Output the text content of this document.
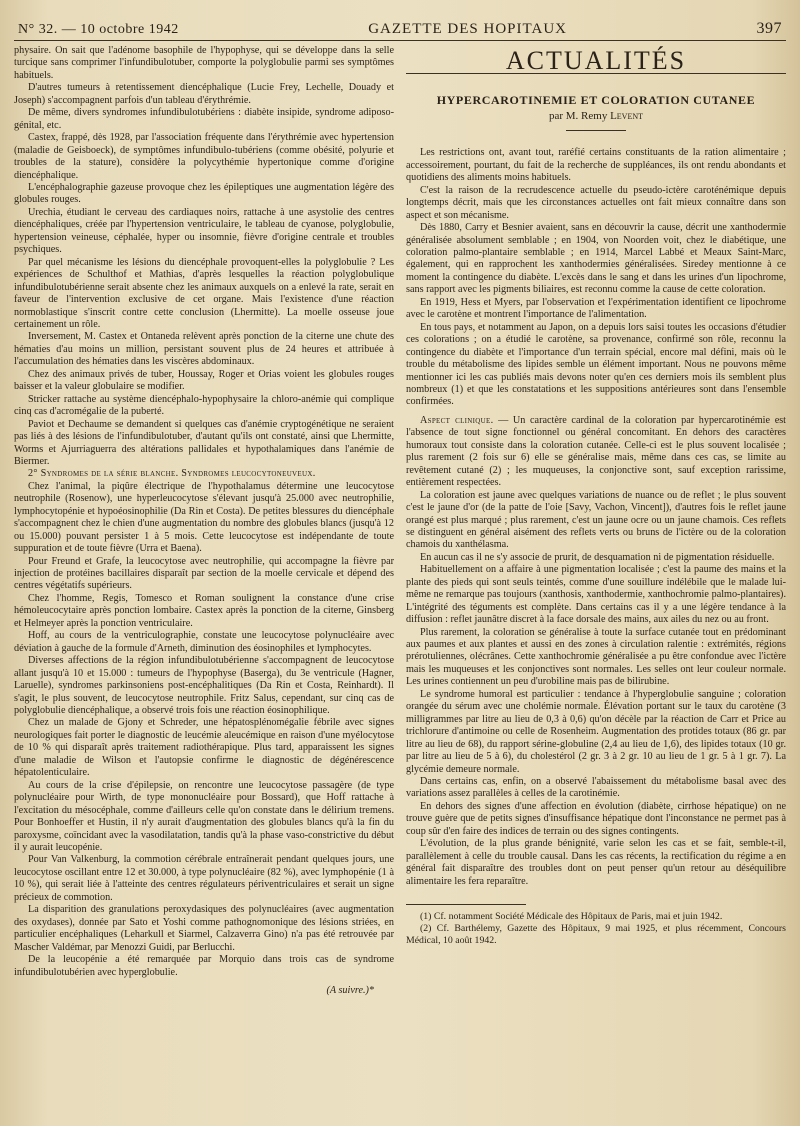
N° 32. — 10 octobre 1942	GAZETTE DES HOPITAUX	397

physaire. On sait que l'adénome basophile de l'hypophyse, qui se développe dans la selle turcique sans comprimer l'infundibulotuber, comporte la polyglobulie parmi ses symptômes habituels.

D'autres tumeurs à retentissement diencéphalique (Lucie Frey, Lechelle, Douady et Joseph) s'accompagnent parfois d'un tableau d'érythrémie.

De même, divers syndromes infundibulotubériens : diabète insipide, syndrome adiposo-génital, etc.

Castex, frappé, dès 1928, par l'association fréquente dans l'érythrémie avec hypertension (maladie de Geisboeck), de symptômes infundibulo-tubériens (comme obésité, polyurie et troubles de la stature), considère la polycythémie hypertonique comme d'origine diencéphalique.

L'encéphalographie gazeuse provoque chez les épileptiques une augmentation légère des globules rouges.

Urechia, étudiant le cerveau des cardiaques noirs, rattache à une asystolie des centres diencéphaliques, créée par l'hypertension ventriculaire, le tableau de cyanose, polyglobulie, hypertension veineuse, céphalée, hyper ou insomnie, fièvre d'origine centrale et troubles psychiques.

Par quel mécanisme les lésions du diencéphale provoquent-elles la polyglobulie ? Les expériences de Schulthof et Mathias, d'après lesquelles la réaction polyglobulique infundibulotubérienne serait absente chez les animaux auxquels on a enlevé la rate, serait en faveur de l'intervention exclusive de cet organe. Mais l'existence d'une réaction normoblastique s'inscrit contre cette conclusion (Lhermitte). La moelle osseuse joue certainement un rôle.

Inversement, M. Castex et Ontaneda relèvent après ponction de la citerne une chute des hématies d'au moins un million, persistant souvent plus de 24 heures et attribuée à l'accumulation des hématies dans les viscères abdominaux.

Chez des animaux privés de tuber, Houssay, Roger et Orias voient les globules rouges baisser et la valeur globulaire se modifier.

Stricker rattache au système diencéphalo-hypophysaire la chloro-anémie qui complique cinq cas d'acromégalie de la puberté.

Paviot et Dechaume se demandent si quelques cas d'anémie cryptogénétique ne seraient pas liés à des lésions de l'infundibulotuber, d'autant qu'ils ont constaté, ainsi que Lhermitte, Worms et Ajurriaguerra des altérations pallidales et hypothalamiques dans l'anémie de Biermer.

2° Syndromes de la série blanche. Syndromes leucocytoneuveux.

Chez l'animal, la piqûre électrique de l'hypothalamus détermine une leucocytose neutrophile (Rosenow), une hyperleucocytose s'élevant jusqu'à 25.000 avec neutrophilie, lymphocytopénie et hypoéosinophilie (Da Rin et Costa). De petites blessures du diencéphale s'accompagnent chez le chien d'une augmentation du nombre des globules blancs (jusqu'à 12 ou 15.000) pouvant persister 1 à 5 mois. Cette leucocytose est indépendante de toute suppuration et de toute fièvre (Urra et Baena).

Pour Freund et Grafe, la leucocytose avec neutrophilie, qui accompagne la fièvre par injection de protéines bacillaires disparaît par section de la moelle cervicale et dépend des centres végétatifs supérieurs.

Chez l'homme, Regis, Tomesco et Roman soulignent la constance d'une crise hémoleucocytaire après ponction lombaire. Castex après la ponction de la citerne, Ginsberg et Helmeyer après la ponction ventriculaire.

Hoff, au cours de la ventriculographie, constate une leucocytose polynucléaire avec déviation à gauche de la formule d'Arneth, diminution des éosinophiles et lymphocytes.

Diverses affections de la région infundibulotubérienne s'accompagnent de leucocytose allant jusqu'à 10 et 15.000 : tumeurs de l'hypophyse (Baserga), du 3e ventricule (Hagner, Laruelle), syndromes parkinsoniens post-encéphalitiques (Da Rin et Costa, Reinhardt). Il s'agit, le plus souvent, de leucocytose neutrophile. Fritz Salus, cependant, sur cinq cas de polyglobulie diencéphalique, a observé trois fois une réaction éosinophilique.

Chez un malade de Gjony et Schreder, une hépatosplénomégalie fébrile avec signes neurologiques fait porter le diagnostic de leucémie aleucémique en raison d'une myélocytose de 10 % qui disparaît après traitement radiothérapique. Plus tard, apparaissent les signes d'une maladie de Wilson et l'autopsie confirme le diagnostic de dégénérescence hépatolenticulaire.

Au cours de la crise d'épilepsie, on rencontre une leucocytose passagère (de type polynucléaire pour Wirth, de type mononucléaire pour Bossard), que Hoff rattache à l'excitation du mésocéphale, comme d'ailleurs celle qu'on constate dans le délirium tremens. Pour Bonhoeffer et Hustin, il n'y aurait d'augmentation des globules blancs qu'à la fin du paroxysme, coïncidant avec la vasodilatation, tandis qu'à la phase vaso-constrictive du début il y aurait leucopénie.

Pour Van Valkenburg, la commotion cérébrale entraînerait pendant quelques jours, une leucocytose oscillant entre 12 et 30.000, à type polynucléaire (82 %), avec lymphopénie (1 à 10 %), qui serait liée à l'atteinte des centres régulateurs périventriculaires et serait un signe précieux de commotion.

La disparition des granulations peroxydasiques des polynucléaires (avec augmentation des oxydases), donnée par Sato et Yoshi comme pathognomonique des lésions striées, en particulier encéphaliques (Leharkull et Siarmel, Calzaverra Gino) n'a pas été retrouvée par Mascher Valdémar, par Menozzi Guidi, par Berlucchi.

De la leucopénie a été remarquée par Morquio dans trois cas de syndrome infundibulotubérien avec hyperglobulie.

(A suivre.)*
ACTUALITÉS
HYPERCAROTINEMIE ET COLORATION CUTANEE
par M. Remy Levent

Les restrictions ont, avant tout, raréfié certains constituants de la ration alimentaire ; accessoirement, pourtant, du fait de la recherche de suppléances, ils ont rendu abondants et quotidiens des aliments moins habituels.

C'est la raison de la recrudescence actuelle du pseudo-ictère caroténémique depuis longtemps décrit, mais que les circonstances actuelles ont fait mieux connaître dans son aspect et son mécanisme.

Dès 1880, Carry et Besnier avaient, sans en découvrir la cause, décrit une xanthodermie généralisée absolument semblable ; en 1904, von Noorden voit, chez le diabétique, une coloration palmo-plantaire semblable ; en 1914, Marcel Labbé et Meaux Saint-Marc, également, qui en rapprochent les xanthodermies généralisées. Siredey mentionne à ce moment la contingence du diabète. L'excès dans le sang et dans les urines d'un lipochrome, sans rapport avec les pigments biliaires, est reconnu comme la cause de cette coloration.

En 1919, Hess et Myers, par l'observation et l'expérimentation identifient ce lipochrome avec le carotène et montrent l'importance de l'alimentation.

En tous pays, et notamment au Japon, on a depuis lors saisi toutes les occasions d'étudier ces colorations ; on a étudié le carotène, sa provenance, confirmé son rôle, reconnu la contingence du diabète et l'importance d'un terrain spécial, encore mal défini, mais où le trouble du métabolisme des lipides semble un élément important. Nous ne pouvons même mentionner ici les cas publiés mais devons noter qu'en ces derniers mois ils semblent plus nombreux (1) et que les constatations et les suppositions antérieures sont dans l'ensemble confirmées.

Aspect clinique. — Un caractère cardinal de la coloration par hypercarotinémie est l'absence de tout signe fonctionnel ou général concomitant. En dehors des caractères humoraux tout consiste dans la coloration cutanée. Celle-ci est le plus souvent localisée ; plus rarement (2 fois sur 6) elle se généralise mais, même dans ces cas, se limite au revêtement cutané (2) ; les muqueuses, la conjonctive sont, sauf exception rarissime, entièrement respectées.

La coloration est jaune avec quelques variations de nuance ou de reflet ; le plus souvent c'est le jaune d'or (de la patte de l'oie [Savy, Vachon, Vincent]), d'autres fois le reflet jaune orangé est plus marqué ; plus rarement, c'est un jaune ocre ou un jaune chamois. Ces reflets se distinguent en général aisément des reflets verts ou bruns de l'ictère ou de la coloration chamois du xanthélasma.

En aucun cas il ne s'y associe de prurit, de desquamation ni de pigmentation résiduelle.

Habituellement on a affaire à une pigmentation localisée ; c'est la paume des mains et la plante des pieds qui sont seuls teintés, comme d'une souillure indélébile que le malade lui-même ne remarque pas toujours (xanthosis, xanthodermie, xanthochromie palmo-plantaires). L'intégrité des téguments est complète. Dans certains cas il y a une légère tendance à la diffusion : reflet jaunâtre discret à la face dorsale des mains, aux ailes du nez ou au front.

Plus rarement, la coloration se généralise à toute la surface cutanée tout en prédominant aux paumes et aux plantes et aussi en des zones à circulation ralentie : extrémités, régions prérotuliennes, olécrânes. Cette xanthochromie généralisée a pu être confondue avec l'ictère mais les muqueuses et les conjonctives sont normales. Les selles ont leur couleur normale. Les urines contiennent un peu d'urobiline mais pas de bilirubine.

Le syndrome humoral est particulier : tendance à l'hyperglobulie sanguine ; coloration orangée du sérum avec une cholémie normale. Élévation portant sur le taux du carotène (3 milligrammes par litre au lieu de 0,3 à 0,6) qu'on décèle par la réaction de Carr et Price au trichlorure d'antimoine ou celle de Rosenheim. Augmentation des protides totaux (86 gr. par litre au lieu de 68), du rapport sérine-globuline (2,4 au lieu de 1,6), des lipides totaux (10 gr. par litre au lieu de 5 à 6), du cholestérol (2 gr. 3 à 2 gr. 10 au lieu de 1 gr. 5 à 1 gr. 7). La glycémie demeure normale.

Dans certains cas, enfin, on a observé l'abaissement du métabolisme basal avec des variations assez parallèles à celles de la carotinémie.

En dehors des signes d'une affection en évolution (diabète, cirrhose hépatique) on ne trouve guère que de petits signes d'insuffisance hépatique dont l'inconstance ne permet pas à coup sûr d'en faire des indices de terrain ou des signes contingents.

L'évolution, de la plus grande bénignité, varie selon les cas et se fait, semble-t-il, parallèlement à celle du trouble causal. Dans les cas récents, la rectification du régime a en général fait disparaître des troubles dont on peut penser qu'un retour au déséquilibre alimentaire les fera reparaître.

(1) Cf. notamment Société Médicale des Hôpitaux de Paris, mai et juin 1942.

(2) Cf. Barthélemy, Gazette des Hôpitaux, 9 mai 1925, et plus récemment, Concours Médical, 10 août 1942.
